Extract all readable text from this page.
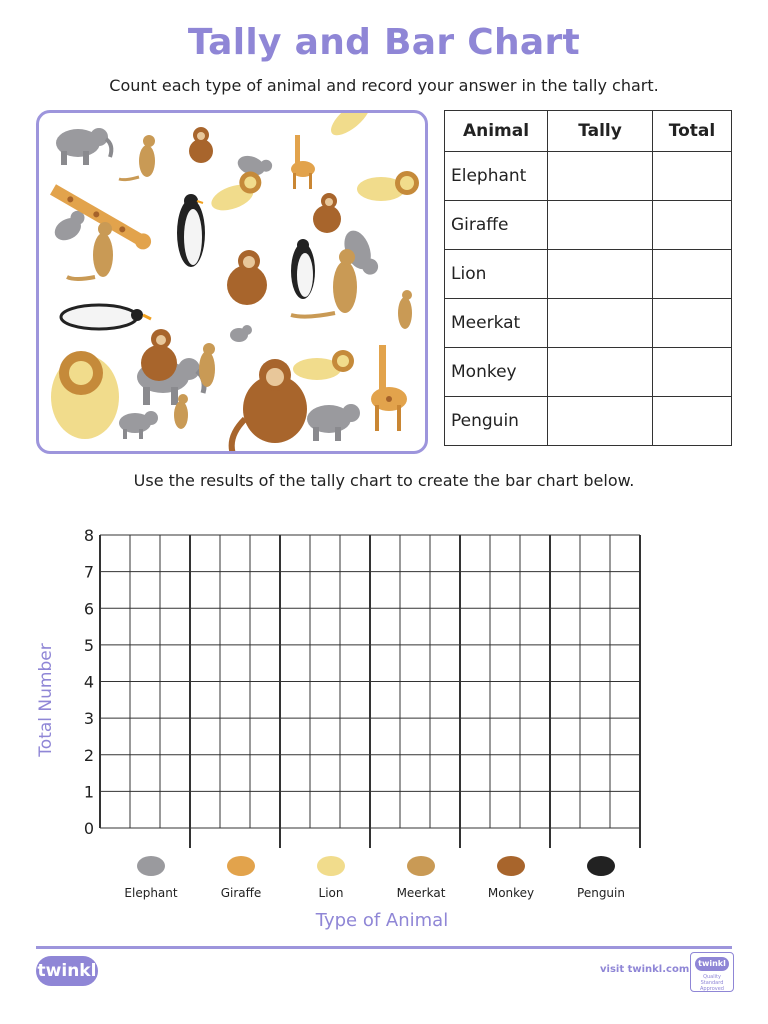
Tally and Bar Chart
Count each type of animal and record your answer in the tally chart.
Animal	Tally	Total
Elephant		
Giraffe		
Lion		
Meerkat		
Monkey		
Penguin		
Use the results of the tally chart to create the bar chart below.
0
1
2
3
4
5
6
7
8
Elephant	Giraffe	Lion	Meerkat	Monkey	Penguin
Total Number
Type of Animal
twinkl	visit twinkl.com
twinkl
Quality Standard Approved
